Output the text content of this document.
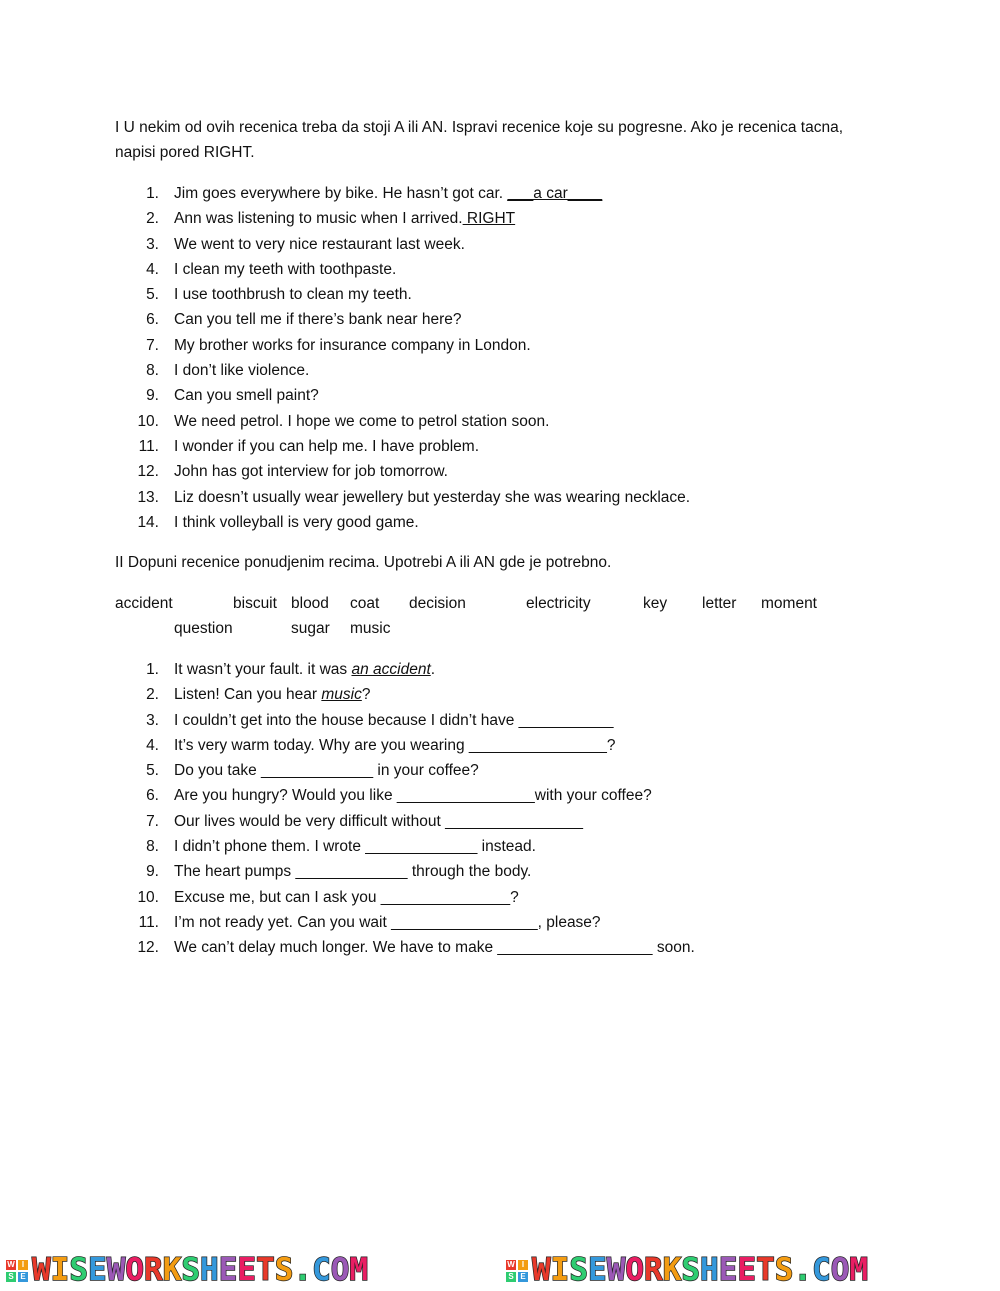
I U nekim od ovih recenica treba da stoji A ili AN. Ispravi recenice koje su pogresne. Ako je recenica tacna, napisi pored RIGHT.

1. Jim goes everywhere by bike. He hasn’t got car. ___a car____
2. Ann was listening to music when I arrived. RIGHT
3. We went to very nice restaurant last week.
4. I clean my teeth with toothpaste.
5. I use toothbrush to clean my teeth.
6. Can you tell me if there’s bank near here?
7. My brother works for insurance company in London.
8. I don’t like violence.
9. Can you smell paint?
10. We need petrol. I hope we come to petrol station soon.
11. I wonder if you can help me. I have problem.
12. John has got interview for job tomorrow.
13. Liz doesn’t usually wear jewellery but yesterday she was wearing necklace.
14. I think volleyball is very good game.

II Dopuni recenice ponudjenim recima. Upotrebi A ili AN gde je potrebno.

accident	biscuit blood coat decision	electricity	key letter moment
question	sugar music
1. It wasn’t your fault. it was an accident.
2. Listen! Can you hear music?
3. I couldn’t get into the house because I didn’t have ___________
4. It’s very warm today. Why are you wearing ________________?
5. Do you take _____________ in your coffee?
6. Are you hungry? Would you like ________________with your coffee?
7. Our lives would be very difficult without ________________
8. I didn’t phone them. I wrote _____________ instead.
9. The heart pumps _____________ through the body.
10. Excuse me, but can I ask you _______________?
11. I’m not ready yet. Can you wait _________________, please?
12. We can’t delay much longer. We have to make __________________ soon.
W I
S E WISEWORKSHEETS.COM	W I
S E WISEWORKSHEETS.COM
